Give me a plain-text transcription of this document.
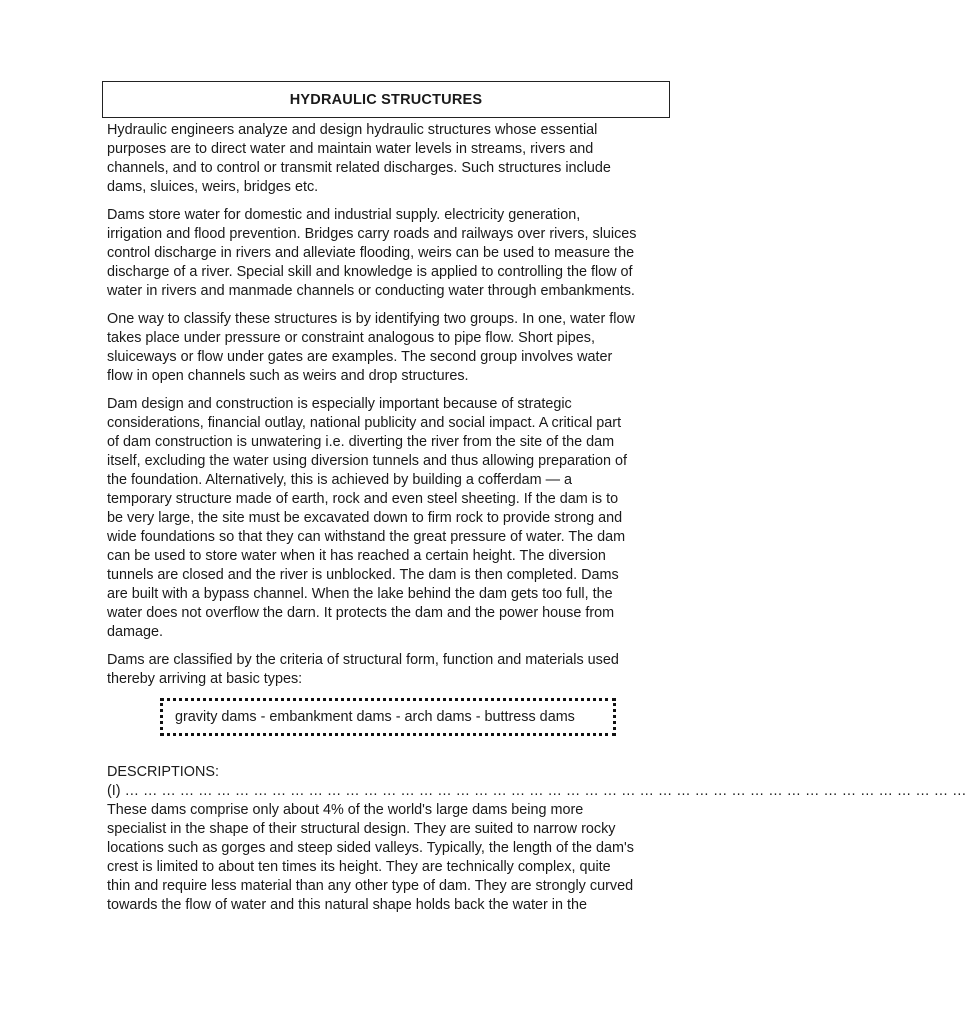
HYDRAULIC STRUCTURES

Hydraulic engineers analyze and design hydraulic structures whose essential
purposes are to direct water and maintain water levels in streams, rivers and
channels, and to control or transmit related discharges. Such structures include
dams, sluices, weirs, bridges etc.

Dams store water for domestic and industrial supply. electricity generation,
irrigation and flood prevention. Bridges carry roads and railways over rivers, sluices
control discharge in rivers and alleviate flooding, weirs can be used to measure the
discharge of a river. Special skill and knowledge is applied to controlling the flow of
water in rivers and manmade channels or conducting water through embankments.

One way to classify these structures is by identifying two groups. In one, water flow
takes place under pressure or constraint analogous to pipe flow. Short pipes,
sluiceways or flow under gates are examples. The second group involves water
flow in open channels such as weirs and drop structures.

Dam design and construction is especially important because of strategic
considerations, financial outlay, national publicity and social impact. A critical part
of dam construction is unwatering i.e. diverting the river from the site of the dam
itself, excluding the water using diversion tunnels and thus allowing preparation of
the foundation. Alternatively, this is achieved by building a cofferdam — a
temporary structure made of earth, rock and even steel sheeting. If the dam is to
be very large, the site must be excavated down to firm rock to provide strong and
wide foundations so that they can withstand the great pressure of water. The dam
can be used to store water when it has reached a certain height. The diversion
tunnels are closed and the river is unblocked. The dam is then completed. Dams
are built with a bypass channel. When the lake behind the dam gets too full, the
water does not overflow the darn. It protects the dam and the power house from
damage.

Dams are classified by the criteria of structural form, function and materials used
thereby arriving at basic types:

gravity dams - embankment dams - arch dams - buttress dams
DESCRIPTIONS:
(I) … … … … … … … … … … … … … … … … … … … … … … … … … … … … … … … … … … … … … … … … … … … … … …
These dams comprise only about 4% of the world's large dams being more
specialist in the shape of their structural design. They are suited to narrow rocky
locations such as gorges and steep sided valleys. Typically, the length of the dam's
crest is limited to about ten times its height. They are technically complex, quite
thin and require less material than any other type of dam. They are strongly curved
towards the flow of water and this natural shape holds back the water in the
